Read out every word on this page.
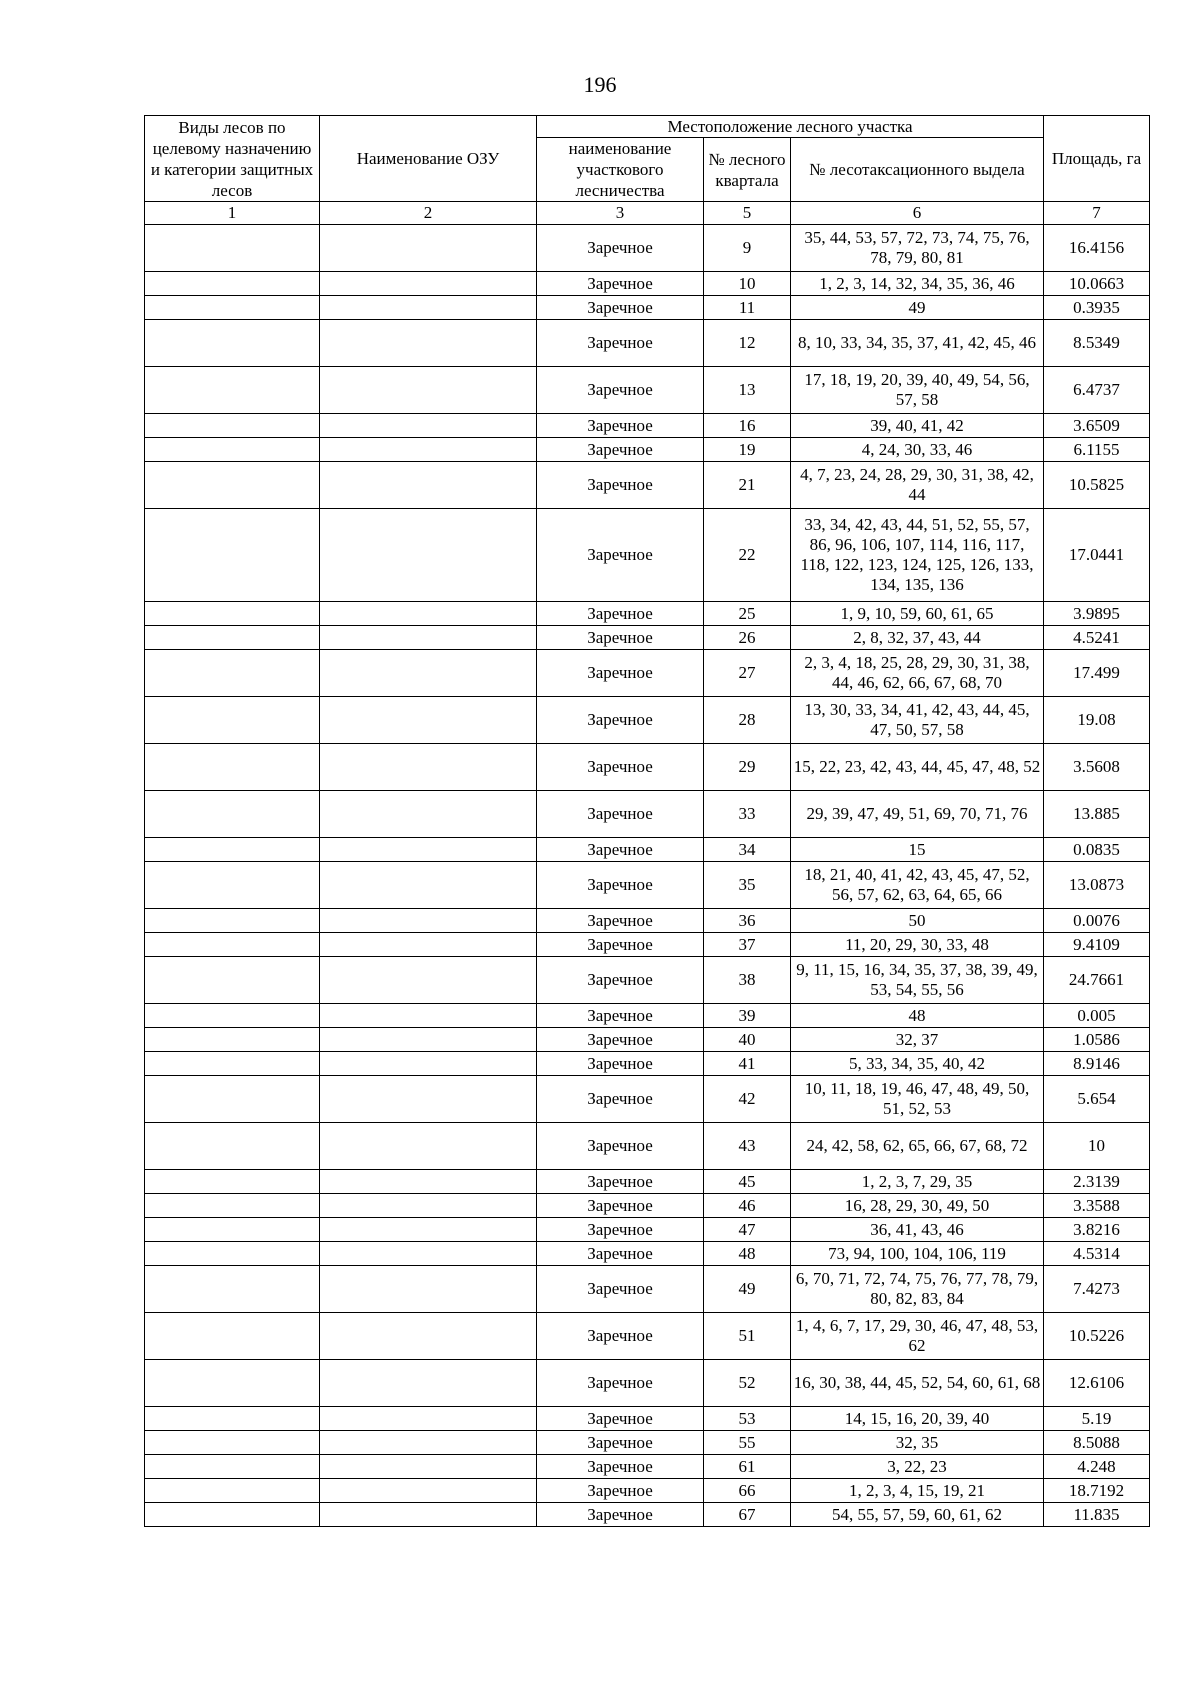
196
Виды лесов по целевому назначению и категории защитных лесов	Наименование ОЗУ	Местоположение лесного участка			Площадь, га
		наименование участкового лесничества	№ лесного квартала	№ лесотаксационного выдела	
1	2	3	5	6	7
		Заречное	9	35, 44, 53, 57, 72, 73, 74, 75, 76, 78, 79, 80, 81	16.4156
		Заречное	10	1, 2, 3, 14, 32, 34, 35, 36, 46	10.0663
		Заречное	11	49	0.3935
		Заречное	12	8, 10, 33, 34, 35, 37, 41, 42, 45, 46	8.5349
		Заречное	13	17, 18, 19, 20, 39, 40, 49, 54, 56, 57, 58	6.4737
		Заречное	16	39, 40, 41, 42	3.6509
		Заречное	19	4, 24, 30, 33, 46	6.1155
		Заречное	21	4, 7, 23, 24, 28, 29, 30, 31, 38, 42, 44	10.5825
		Заречное	22	33, 34, 42, 43, 44, 51, 52, 55, 57, 86, 96, 106, 107, 114, 116, 117, 118, 122, 123, 124, 125, 126, 133, 134, 135, 136	17.0441
		Заречное	25	1, 9, 10, 59, 60, 61, 65	3.9895
		Заречное	26	2, 8, 32, 37, 43, 44	4.5241
		Заречное	27	2, 3, 4, 18, 25, 28, 29, 30, 31, 38, 44, 46, 62, 66, 67, 68, 70	17.499
		Заречное	28	13, 30, 33, 34, 41, 42, 43, 44, 45, 47, 50, 57, 58	19.08
		Заречное	29	15, 22, 23, 42, 43, 44, 45, 47, 48, 52	3.5608
		Заречное	33	29, 39, 47, 49, 51, 69, 70, 71, 76	13.885
		Заречное	34	15	0.0835
		Заречное	35	18, 21, 40, 41, 42, 43, 45, 47, 52, 56, 57, 62, 63, 64, 65, 66	13.0873
		Заречное	36	50	0.0076
		Заречное	37	11, 20, 29, 30, 33, 48	9.4109
		Заречное	38	9, 11, 15, 16, 34, 35, 37, 38, 39, 49, 53, 54, 55, 56	24.7661
		Заречное	39	48	0.005
		Заречное	40	32, 37	1.0586
		Заречное	41	5, 33, 34, 35, 40, 42	8.9146
		Заречное	42	10, 11, 18, 19, 46, 47, 48, 49, 50, 51, 52, 53	5.654
		Заречное	43	24, 42, 58, 62, 65, 66, 67, 68, 72	10
		Заречное	45	1, 2, 3, 7, 29, 35	2.3139
		Заречное	46	16, 28, 29, 30, 49, 50	3.3588
		Заречное	47	36, 41, 43, 46	3.8216
		Заречное	48	73, 94, 100, 104, 106, 119	4.5314
		Заречное	49	6, 70, 71, 72, 74, 75, 76, 77, 78, 79, 80, 82, 83, 84	7.4273
		Заречное	51	1, 4, 6, 7, 17, 29, 30, 46, 47, 48, 53, 62	10.5226
		Заречное	52	16, 30, 38, 44, 45, 52, 54, 60, 61, 68	12.6106
		Заречное	53	14, 15, 16, 20, 39, 40	5.19
		Заречное	55	32, 35	8.5088
		Заречное	61	3, 22, 23	4.248
		Заречное	66	1, 2, 3, 4, 15, 19, 21	18.7192
		Заречное	67	54, 55, 57, 59, 60, 61, 62	11.835
